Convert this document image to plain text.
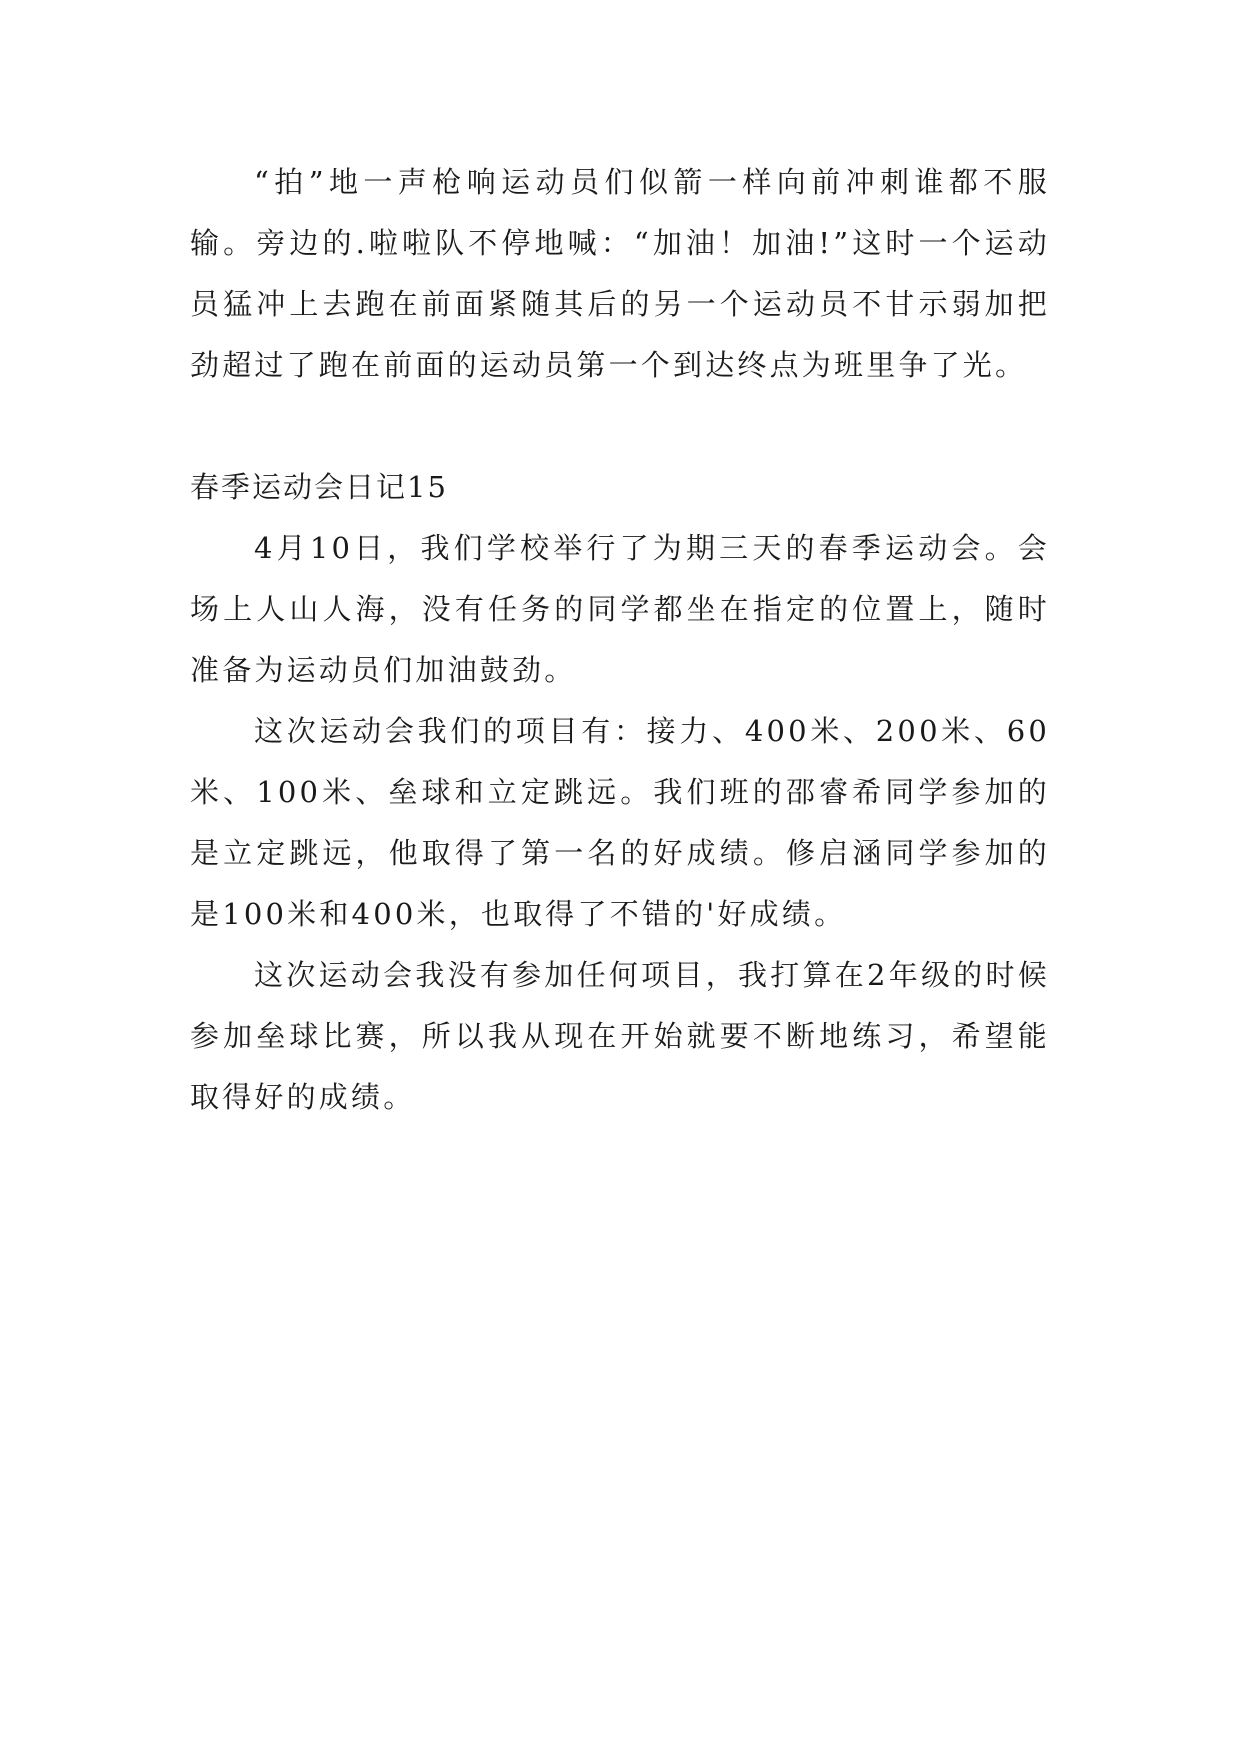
“拍”地一声枪响运动员们似箭一样向前冲刺谁都不服输。旁边的.啦啦队不停地喊：“加油！加油!”这时一个运动员猛冲上去跑在前面紧随其后的另一个运动员不甘示弱加把劲超过了跑在前面的运动员第一个到达终点为班里争了光。

春季运动会日记15

4月10日，我们学校举行了为期三天的春季运动会。会场上人山人海，没有任务的同学都坐在指定的位置上，随时准备为运动员们加油鼓劲。

这次运动会我们的项目有：接力、400米、200米、60米、100米、垒球和立定跳远。我们班的邵睿希同学参加的是立定跳远，他取得了第一名的好成绩。修启涵同学参加的是100米和400米，也取得了不错的'好成绩。

这次运动会我没有参加任何项目，我打算在2年级的时候参加垒球比赛，所以我从现在开始就要不断地练习，希望能取得好的成绩。
